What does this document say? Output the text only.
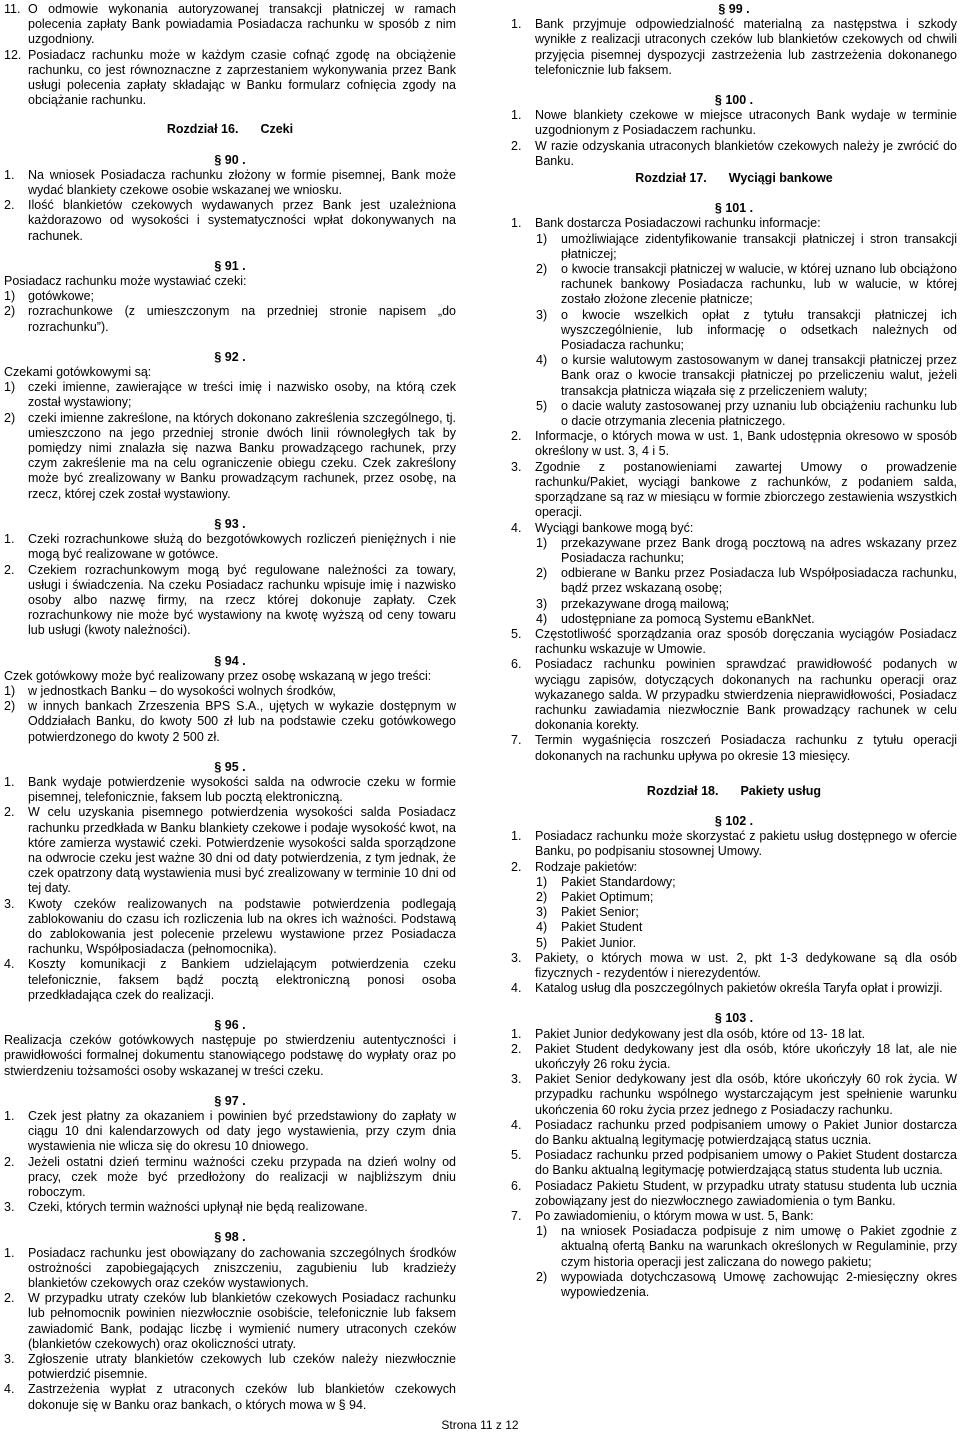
11. O odmowie wykonania autoryzowanej transakcji płatniczej w ramach polecenia zapłaty Bank powiadamia Posiadacza rachunku w sposób z nim uzgodniony.
12. Posiadacz rachunku może w każdym czasie cofnąć zgodę na obciążenie rachunku, co jest równoznaczne z zaprzestaniem wykonywania przez Bank usługi polecenia zapłaty składając w Banku formularz cofnięcia zgody na obciążanie rachunku.
Rozdział 16. Czeki
§ 90 .
1.	Na wniosek Posiadacza rachunku złożony w formie pisemnej, Bank może wydać blankiety czekowe osobie wskazanej we wniosku.
2.	Ilość blankietów czekowych wydawanych przez Bank jest uzależniona każdorazowo od wysokości i systematyczności wpłat dokonywanych na rachunek.
§ 91 .

Posiadacz rachunku może wystawiać czeki:

1)	gotówkowe;
2)	rozrachunkowe (z umieszczonym na przedniej stronie napisem „do rozrachunku”).
§ 92 .

Czekami gotówkowymi są:

1)	czeki imienne, zawierające w treści imię i nazwisko osoby, na którą czek został wystawiony;
2)	czeki imienne zakreślone, na których dokonano zakreślenia szczególnego, tj. umieszczono na jego przedniej stronie dwóch linii równoległych tak by pomiędzy nimi znalazła się nazwa Banku prowadzącego rachunek, przy czym zakreślenie ma na celu ograniczenie obiegu czeku. Czek zakreślony może być zrealizowany w Banku prowadzącym rachunek, przez osobę, na rzecz, której czek został wystawiony.
§ 93 .
1.	Czeki rozrachunkowe służą do bezgotówkowych rozliczeń pieniężnych i nie mogą być realizowane w gotówce.
2.	Czekiem rozrachunkowym mogą być regulowane należności za towary, usługi i świadczenia. Na czeku Posiadacz rachunku wpisuje imię i nazwisko osoby albo nazwę firmy, na rzecz której dokonuje zapłaty. Czek rozrachunkowy nie może być wystawiony na kwotę wyższą od ceny towaru lub usługi (kwoty należności).
§ 94 .

Czek gotówkowy może być realizowany przez osobę wskazaną w jego treści:

1)	w jednostkach Banku – do wysokości wolnych środków,
2)	w innych bankach Zrzeszenia BPS S.A., ujętych w wykazie dostępnym w Oddziałach Banku, do kwoty 500 zł lub na podstawie czeku gotówkowego potwierdzonego do kwoty 2 500 zł.
§ 95 .
1.	Bank wydaje potwierdzenie wysokości salda na odwrocie czeku w formie pisemnej, telefonicznie, faksem lub pocztą elektroniczną.
2.	W celu uzyskania pisemnego potwierdzenia wysokości salda Posiadacz rachunku przedkłada w Banku blankiety czekowe i podaje wysokość kwot, na które zamierza wystawić czeki. Potwierdzenie wysokości salda sporządzone na odwrocie czeku jest ważne 30 dni od daty potwierdzenia, z tym jednak, że czek opatrzony datą wystawienia musi być zrealizowany w terminie 10 dni od tej daty.
3.	Kwoty czeków realizowanych na podstawie potwierdzenia podlegają zablokowaniu do czasu ich rozliczenia lub na okres ich ważności. Podstawą do zablokowania jest polecenie przelewu wystawione przez Posiadacza rachunku, Współposiadacza (pełnomocnika).
4.	Koszty komunikacji z Bankiem udzielającym potwierdzenia czeku telefonicznie, faksem bądź pocztą elektroniczną ponosi osoba przedkładająca czek do realizacji.
§ 96 .

Realizacja czeków gotówkowych następuje po stwierdzeniu autentyczności i prawidłowości formalnej dokumentu stanowiącego podstawę do wypłaty oraz po stwierdzeniu tożsamości osoby wskazanej w treści czeku.

§ 97 .
1.	Czek jest płatny za okazaniem i powinien być przedstawiony do zapłaty w ciągu 10 dni kalendarzowych od daty jego wystawienia, przy czym dnia wystawienia nie wlicza się do okresu 10 dniowego.
2.	Jeżeli ostatni dzień terminu ważności czeku przypada na dzień wolny od pracy, czek może być przedłożony do realizacji w najbliższym dniu roboczym.
3.	Czeki, których termin ważności upłynął nie będą realizowane.
§ 98 .
1.	Posiadacz rachunku jest obowiązany do zachowania szczególnych środków ostrożności zapobiegających zniszczeniu, zagubieniu lub kradzieży blankietów czekowych oraz czeków wystawionych.
2.	W przypadku utraty czeków lub blankietów czekowych Posiadacz rachunku lub pełnomocnik powinien niezwłocznie osobiście, telefonicznie lub faksem zawiadomić Bank, podając liczbę i wymienić numery utraconych czeków (blankietów czekowych) oraz okoliczności utraty.
3.	Zgłoszenie utraty blankietów czekowych lub czeków należy niezwłocznie potwierdzić pisemnie.
4.	Zastrzeżenia wypłat z utraconych czeków lub blankietów czekowych dokonuje się w Banku oraz bankach, o których mowa w § 94.
§ 99 .
1.	Bank przyjmuje odpowiedzialność materialną za następstwa i szkody wynikłe z realizacji utraconych czeków lub blankietów czekowych od chwili przyjęcia pisemnej dyspozycji zastrzeżenia lub zastrzeżenia dokonanego telefonicznie lub faksem.
§ 100 .
1.	Nowe blankiety czekowe w miejsce utraconych Bank wydaje w terminie uzgodnionym z Posiadaczem rachunku.
2.	W razie odzyskania utraconych blankietów czekowych należy je zwrócić do Banku.
Rozdział 17. Wyciągi bankowe
§ 101 .
1.	Bank dostarcza Posiadaczowi rachunku informacje:
1)	umożliwiające zidentyfikowanie transakcji płatniczej i stron transakcji płatniczej;
2)	o kwocie transakcji płatniczej w walucie, w której uznano lub obciążono rachunek bankowy Posiadacza rachunku, lub w walucie, w której zostało złożone zlecenie płatnicze;
3)	o kwocie wszelkich opłat z tytułu transakcji płatniczej ich wyszczególnienie, lub informację o odsetkach należnych od Posiadacza rachunku;
4)	o kursie walutowym zastosowanym w danej transakcji płatniczej przez Bank oraz o kwocie transakcji płatniczej po przeliczeniu walut, jeżeli transakcja płatnicza wiązała się z przeliczeniem waluty;
5)	o dacie waluty zastosowanej przy uznaniu lub obciążeniu rachunku lub o dacie otrzymania zlecenia płatniczego.
2.	Informacje, o których mowa w ust. 1, Bank udostępnia okresowo w sposób określony w ust. 3, 4 i 5.
3.	Zgodnie z postanowieniami zawartej Umowy o prowadzenie rachunku/Pakiet, wyciągi bankowe z rachunków, z podaniem salda, sporządzane są raz w miesiącu w formie zbiorczego zestawienia wszystkich operacji.
4.	Wyciągi bankowe mogą być:
1)	przekazywane przez Bank drogą pocztową na adres wskazany przez Posiadacza rachunku;
2)	odbierane w Banku przez Posiadacza lub Współposiadacza rachunku, bądź przez wskazaną osobę;
3)	przekazywane drogą mailową;
4)	udostępniane za pomocą Systemu eBankNet.
5.	Częstotliwość sporządzania oraz sposób doręczania wyciągów Posiadacz rachunku wskazuje w Umowie.
6.	Posiadacz rachunku powinien sprawdzać prawidłowość podanych w wyciągu zapisów, dotyczących dokonanych na rachunku operacji oraz wykazanego salda. W przypadku stwierdzenia nieprawidłowości, Posiadacz rachunku zawiadamia niezwłocznie Bank prowadzący rachunek w celu dokonania korekty.
7.	Termin wygaśnięcia roszczeń Posiadacza rachunku z tytułu operacji dokonanych na rachunku upływa po okresie 13 miesięcy.
Rozdział 18. Pakiety usług
§ 102 .
1.	Posiadacz rachunku może skorzystać z pakietu usług dostępnego w ofercie Banku, po podpisaniu stosownej Umowy.
2.	Rodzaje pakietów:
1)	Pakiet Standardowy;
2)	Pakiet Optimum;
3)	Pakiet Senior;
4)	Pakiet Student
5)	Pakiet Junior.
3.	Pakiety, o których mowa w ust. 2, pkt 1-3 dedykowane są dla osób fizycznych - rezydentów i nierezydentów.
4.	Katalog usług dla poszczególnych pakietów określa Taryfa opłat i prowizji.
§ 103 .
1.	Pakiet Junior dedykowany jest dla osób, które od 13- 18 lat.
2.	Pakiet Student dedykowany jest dla osób, które ukończyły 18 lat, ale nie ukończyły 26 roku życia.
3.	Pakiet Senior dedykowany jest dla osób, które ukończyły 60 rok życia. W przypadku rachunku wspólnego wystarczającym jest spełnienie warunku ukończenia 60 roku życia przez jednego z Posiadaczy rachunku.
4.	Posiadacz rachunku przed podpisaniem umowy o Pakiet Junior dostarcza do Banku aktualną legitymację potwierdzającą status ucznia.
5.	Posiadacz rachunku przed podpisaniem umowy o Pakiet Student dostarcza do Banku aktualną legitymację potwierdzającą status studenta lub ucznia.
6.	Posiadacz Pakietu Student, w przypadku utraty statusu studenta lub ucznia zobowiązany jest do niezwłocznego zawiadomienia o tym Banku.
7.	Po zawiadomieniu, o którym mowa w ust. 5, Bank:
1)	na wniosek Posiadacza podpisuje z nim umowę o Pakiet zgodnie z aktualną ofertą Banku na warunkach określonych w Regulaminie, przy czym historia operacji jest zaliczana do nowego pakietu;
2)	wypowiada dotychczasową Umowę zachowując 2-miesięczny okres wypowiedzenia.
Strona 11 z 12
